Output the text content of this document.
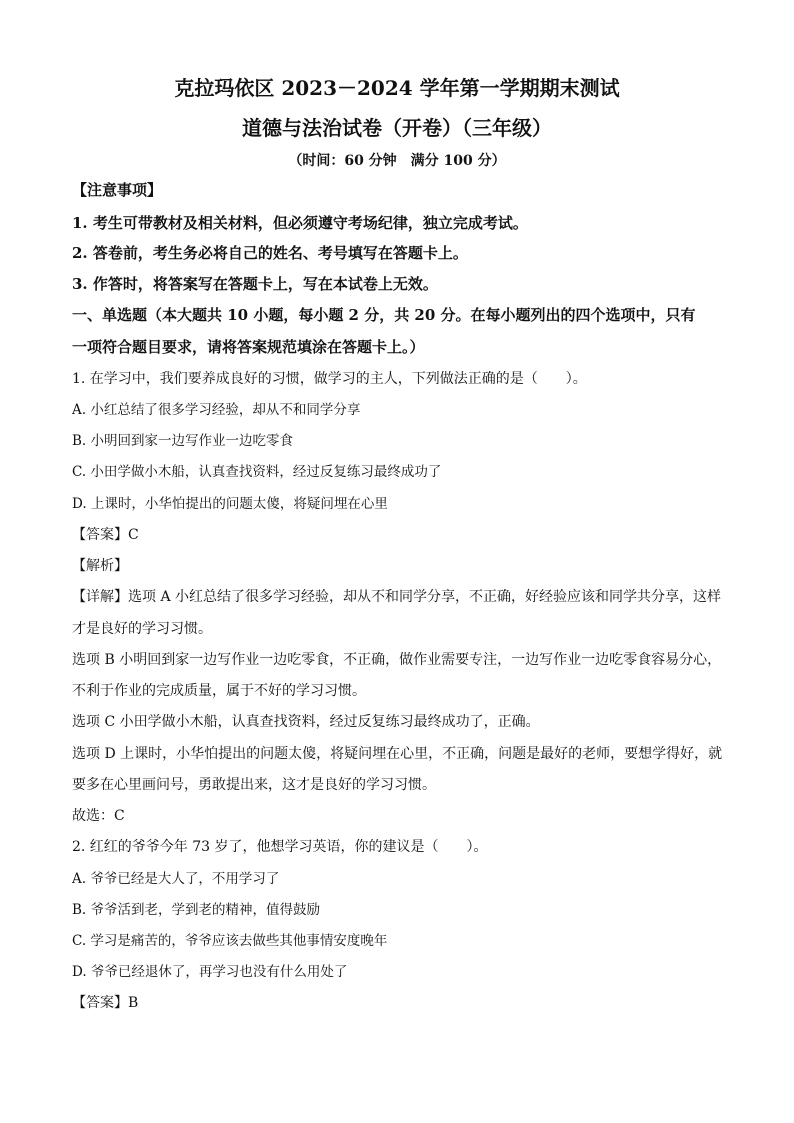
克拉玛依区 2023－2024 学年第一学期期末测试
道德与法治试卷（开卷）（三年级）
（时间：60 分钟　满分 100 分）
【注意事项】
1. 考生可带教材及相关材料，但必须遵守考场纪律，独立完成考试。
2. 答卷前，考生务必将自己的姓名、考号填写在答题卡上。
3. 作答时，将答案写在答题卡上，写在本试卷上无效。
一、单选题（本大题共 10 小题，每小题 2 分，共 20 分。在每小题列出的四个选项中，只有
一项符合题目要求，请将答案规范填涂在答题卡上。）
1. 在学习中，我们要养成良好的习惯，做学习的主人，下列做法正确的是（　　）。
A. 小红总结了很多学习经验，却从不和同学分享
B. 小明回到家一边写作业一边吃零食
C. 小田学做小木船，认真查找资料，经过反复练习最终成功了
D. 上课时，小华怕提出的问题太傻，将疑问埋在心里
【答案】C
【解析】
【详解】选项 A 小红总结了很多学习经验，却从不和同学分享，不正确，好经验应该和同学共分享，这样
才是良好的学习习惯。
选项 B 小明回到家一边写作业一边吃零食，不正确，做作业需要专注，一边写作业一边吃零食容易分心，
不利于作业的完成质量，属于不好的学习习惯。
选项 C 小田学做小木船，认真查找资料，经过反复练习最终成功了，正确。
选项 D 上课时，小华怕提出的问题太傻，将疑问埋在心里，不正确，问题是最好的老师，要想学得好，就
要多在心里画问号，勇敢提出来，这才是良好的学习习惯。
故选：C
2. 红红的爷爷今年 73 岁了，他想学习英语，你的建议是（　　）。
A. 爷爷已经是大人了，不用学习了
B. 爷爷活到老，学到老的精神，值得鼓励
C. 学习是痛苦的，爷爷应该去做些其他事情安度晚年
D. 爷爷已经退休了，再学习也没有什么用处了
【答案】B
